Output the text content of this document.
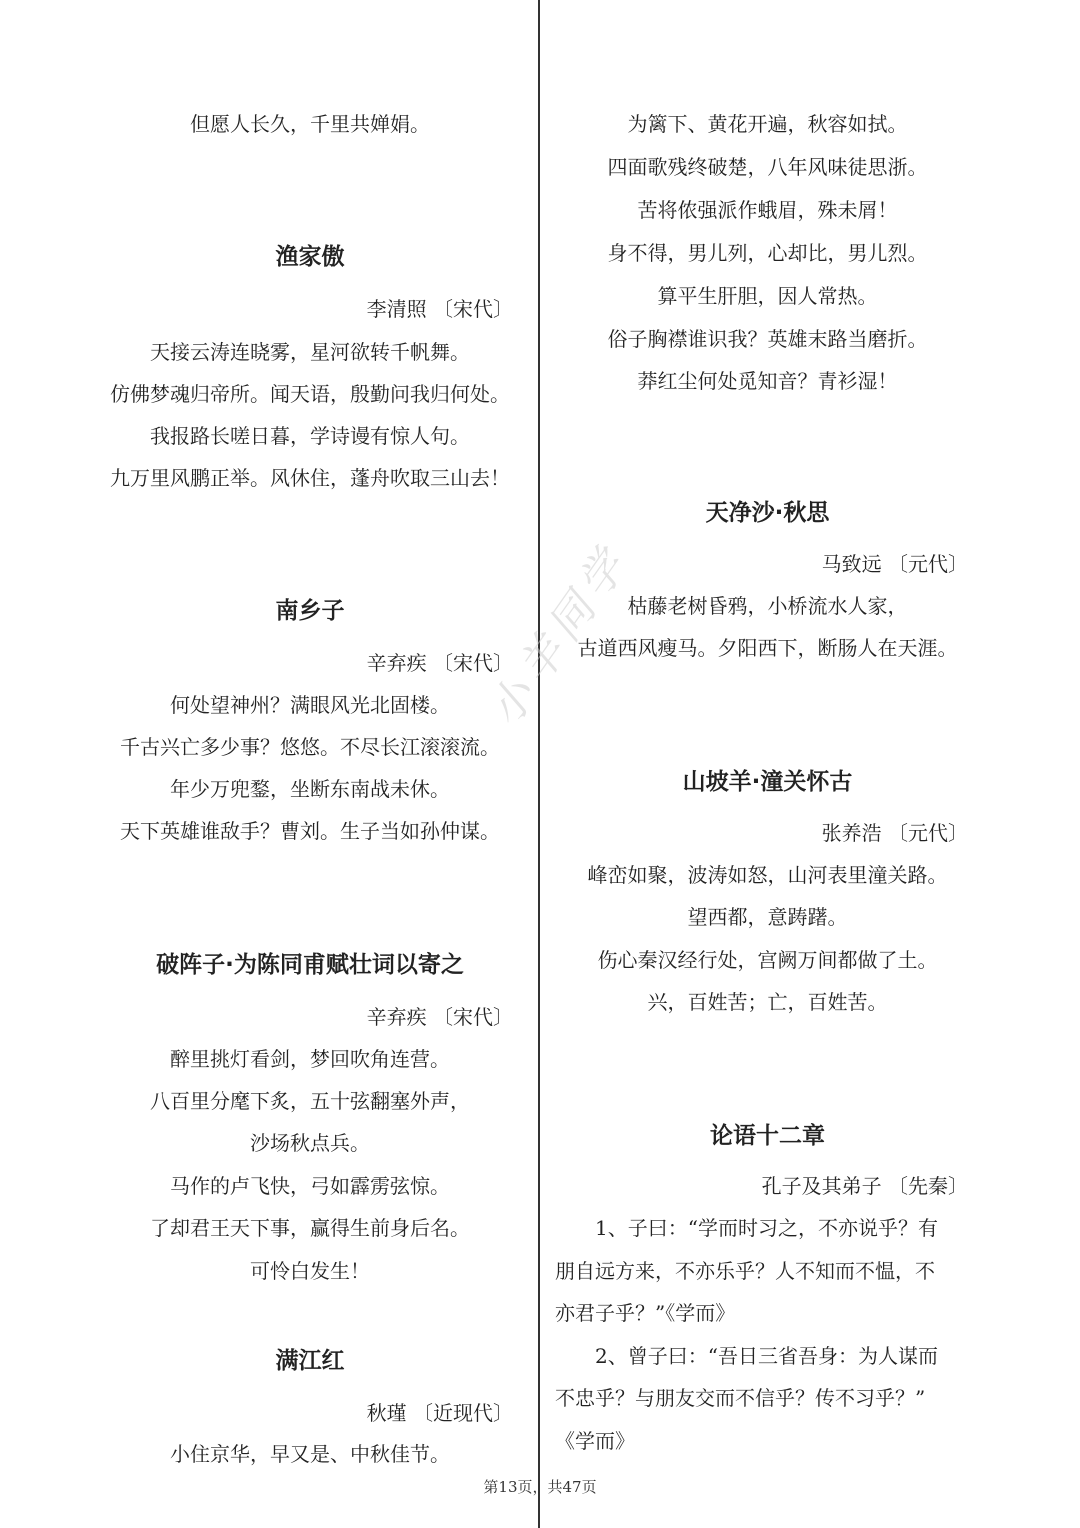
但愿人长久，千里共婵娟。
渔家傲
李清照 〔宋代〕
天接云涛连晓雾，星河欲转千帆舞。
仿佛梦魂归帝所。闻天语，殷勤问我归何处。
我报路长嗟日暮，学诗谩有惊人句。
九万里风鹏正举。风休住，蓬舟吹取三山去！
南乡子
辛弃疾 〔宋代〕
何处望神州？满眼风光北固楼。
千古兴亡多少事？悠悠。不尽长江滚滚流。
年少万兜鍪，坐断东南战未休。
天下英雄谁敌手？曹刘。生子当如孙仲谋。
破阵子·为陈同甫赋壮词以寄之
辛弃疾 〔宋代〕
醉里挑灯看剑，梦回吹角连营。
八百里分麾下炙，五十弦翻塞外声，
沙场秋点兵。
马作的卢飞快，弓如霹雳弦惊。
了却君王天下事，赢得生前身后名。
可怜白发生！
满江红
秋瑾 〔近现代〕
小住京华，早又是、中秋佳节。
为篱下、黄花开遍，秋容如拭。
四面歌残终破楚，八年风味徒思浙。
苦将侬强派作蛾眉，殊未屑！
身不得，男儿列，心却比，男儿烈。
算平生肝胆，因人常热。
俗子胸襟谁识我？英雄末路当磨折。
莽红尘何处觅知音？青衫湿！
天净沙·秋思
马致远 〔元代〕
枯藤老树昏鸦，小桥流水人家，
古道西风瘦马。夕阳西下，断肠人在天涯。
山坡羊·潼关怀古
张养浩 〔元代〕
峰峦如聚，波涛如怒，山河表里潼关路。
望西都，意踌躇。
伤心秦汉经行处，宫阙万间都做了土。
兴，百姓苦；亡，百姓苦。
论语十二章
孔子及其弟子 〔先秦〕
1、子曰：“学而时习之，不亦说乎？有
朋自远方来，不亦乐乎？人不知而不愠，不
亦君子乎？”《学而》
2、曾子曰：“吾日三省吾身：为人谋而
不忠乎？与朋友交而不信乎？传不习乎？”
《学而》
小羊同学
第13页，共47页
